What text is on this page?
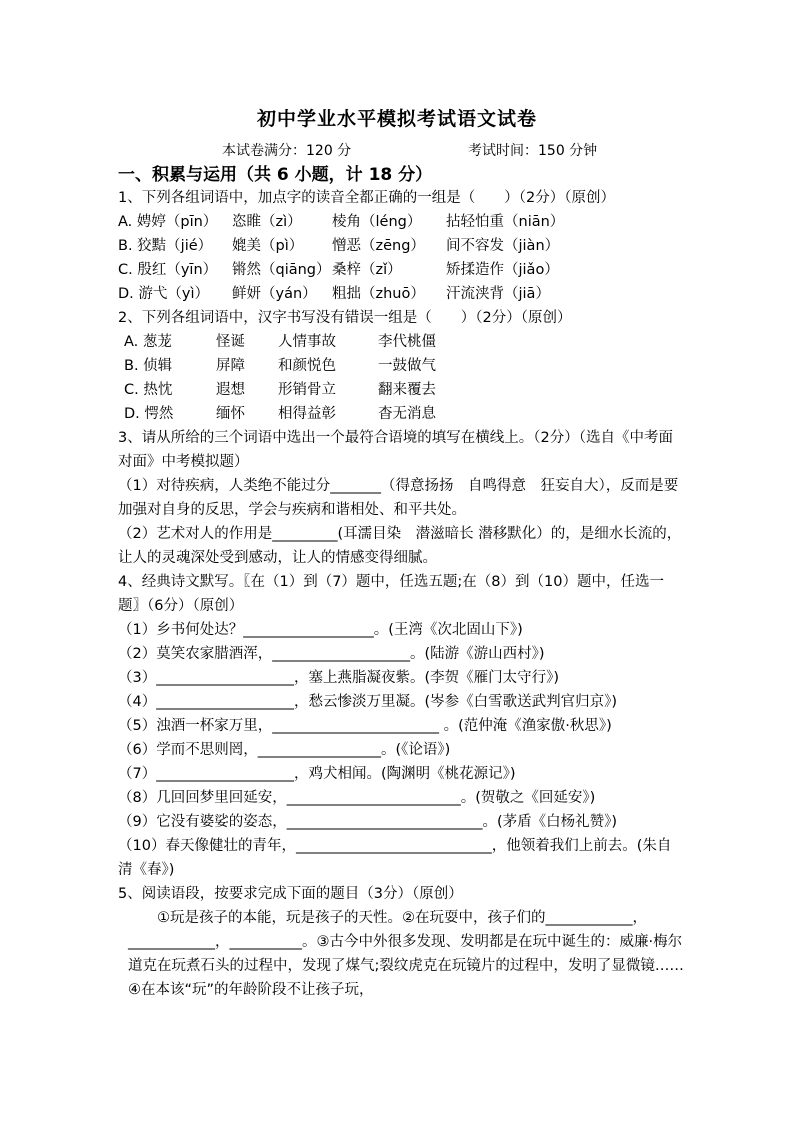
初中学业水平模拟考试语文试卷
本试卷满分：120 分	考试时间：150 分钟
一、积累与运用（共 6 小题，计 18 分）
1、下列各组词语中，加点字的读音全都正确的一组是（　　）（2分）（原创）
A. 娉婷（pīn） 恣睢（zì） 棱角（léng） 拈轻怕重（niān）
B. 狡黠（jié） 媲美（pì） 憎恶（zēng） 间不容发（jiàn）
C. 殷红（yīn） 锵然（qiāng）桑梓（zǐ）	矫揉造作（jiǎo）
D. 游弋（yì） 鲜妍（yán） 粗拙（zhuō） 汗流浃背（jiā）
2、下列各组词语中，汉字书写没有错误一组是（　　）（2分）（原创）
A. 葱茏	怪诞 人情事故	李代桃僵
B. 侦辑	屏障 和颜悦色	一鼓做气
C. 热忱	遐想 形销骨立	翻来覆去
D. 愕然	缅怀 相得益彰	杳无消息
3、请从所给的三个词语中选出一个最符合语境的填写在横线上。（2分）（选自《中考面对面》中考模拟题）
（1）对待疾病，人类绝不能过分_______（得意扬扬　自鸣得意　狂妄自大），反而是要加强对自身的反思，学会与疾病和谐相处、和平共处。
（2）艺术对人的作用是_________(耳濡目染　潜滋暗长 潜移默化）的，是细水长流的，让人的灵魂深处受到感动，让人的情感变得细腻。
4、经典诗文默写。〖在（1）到（7）题中，任选五题;在（8）到（10）题中，任选一题〗（6分）（原创）
（1）乡书何处达？__________________。(王湾《次北固山下》)
（2）莫笑农家腊酒浑，___________________。(陆游《游山西村》)
（3）___________________，塞上燕脂凝夜紫。(李贺《雁门太守行》)
（4）___________________，愁云惨淡万里凝。(岑参《白雪歌送武判官归京》)
（5）浊酒一杯家万里，_______________________ 。(范仲淹《渔家傲·秋思》)
（6）学而不思则罔，_________________。(《论语》)
（7）___________________，鸡犬相闻。(陶渊明《桃花源记》)
（8）几回回梦里回延安，________________________。(贺敬之《回延安》)
（9）它没有婆娑的姿态，___________________________。(茅盾《白杨礼赞》)
（10）春天像健壮的青年，___________________________，他领着我们上前去。(朱自清《春》)
5、阅读语段，按要求完成下面的题目（3分）（原创）
①玩是孩子的本能，玩是孩子的天性。②在玩耍中，孩子们的____________，____________，__________。③古今中外很多发现、发明都是在玩中诞生的：威廉·梅尔道克在玩煮石头的过程中，发现了煤气;裂纹虎克在玩镜片的过程中，发明了显微镜……④在本该“玩”的年龄阶段不让孩子玩，
